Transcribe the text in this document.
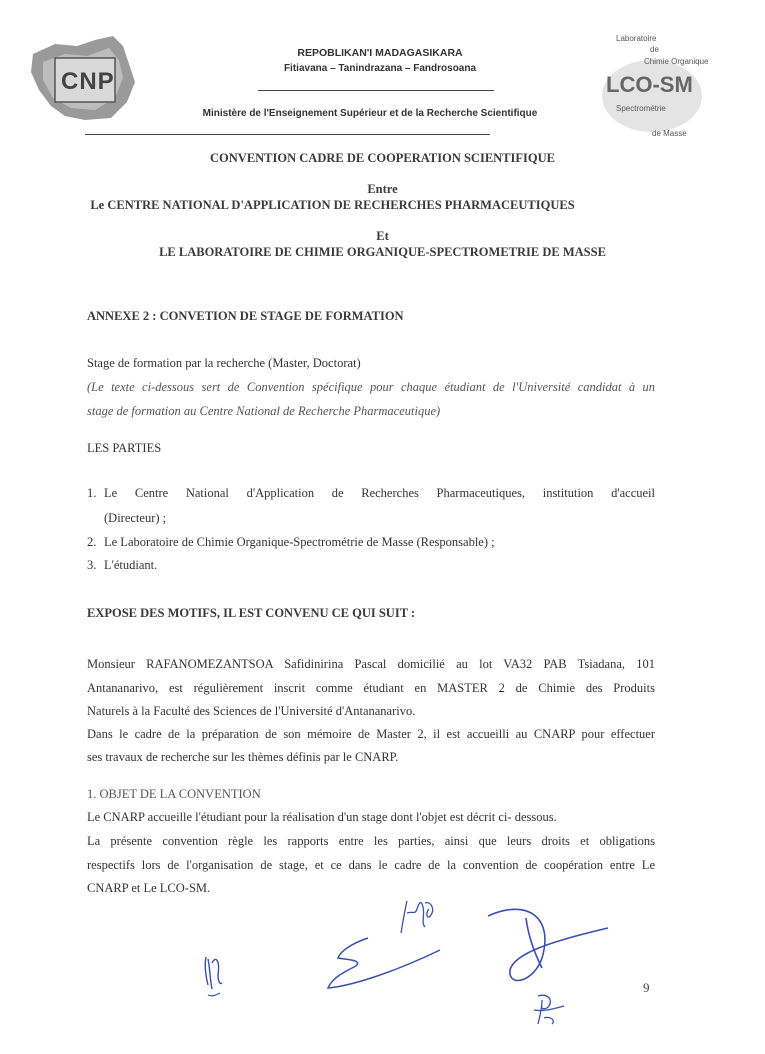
CNP
REPOBLIKAN'I MADAGASIKARA
Fitiavana – Tanindrazana – Fandrosoana
Ministère de l'Enseignement Supérieur et de la Recherche Scientifique
Laboratoire
de
Chimie Organique
LCO-SM
Spectrométrie
de Masse
CONVENTION CADRE DE COOPERATION SCIENTIFIQUE
Entre
Le CENTRE NATIONAL D'APPLICATION DE RECHERCHES PHARMACEUTIQUES
Et
LE LABORATOIRE DE CHIMIE ORGANIQUE-SPECTROMETRIE DE MASSE
ANNEXE 2 : CONVETION DE STAGE DE FORMATION
Stage de formation par la recherche (Master, Doctorat)
(Le texte ci-dessous sert de Convention spécifique pour chaque étudiant de l'Université candidat à un
stage de formation au Centre National de Recherche Pharmaceutique)
LES PARTIES
1. Le Centre National d'Application de Recherches Pharmaceutiques, institution d'accueil
(Directeur) ;
2. Le Laboratoire de Chimie Organique-Spectrométrie de Masse (Responsable) ;
3. L'étudiant.
EXPOSE DES MOTIFS, IL EST CONVENU CE QUI SUIT :
Monsieur RAFANOMEZANTSOA Safidinirina Pascal domicilié au lot VA32 PAB Tsiadana, 101
Antananarivo, est régulièrement inscrit comme étudiant en MASTER 2 de Chimie des Produits
Naturels à la Faculté des Sciences de l'Université d'Antananarivo.
Dans le cadre de la préparation de son mémoire de Master 2, il est accueilli au CNARP pour effectuer
ses travaux de recherche sur les thèmes définis par le CNARP.
1. OBJET DE LA CONVENTION
Le CNARP accueille l'étudiant pour la réalisation d'un stage dont l'objet est décrit ci- dessous.
La présente convention règle les rapports entre les parties, ainsi que leurs droits et obligations
respectifs lors de l'organisation de stage, et ce dans le cadre de la convention de coopération entre Le
CNARP et Le LCO-SM.
9
